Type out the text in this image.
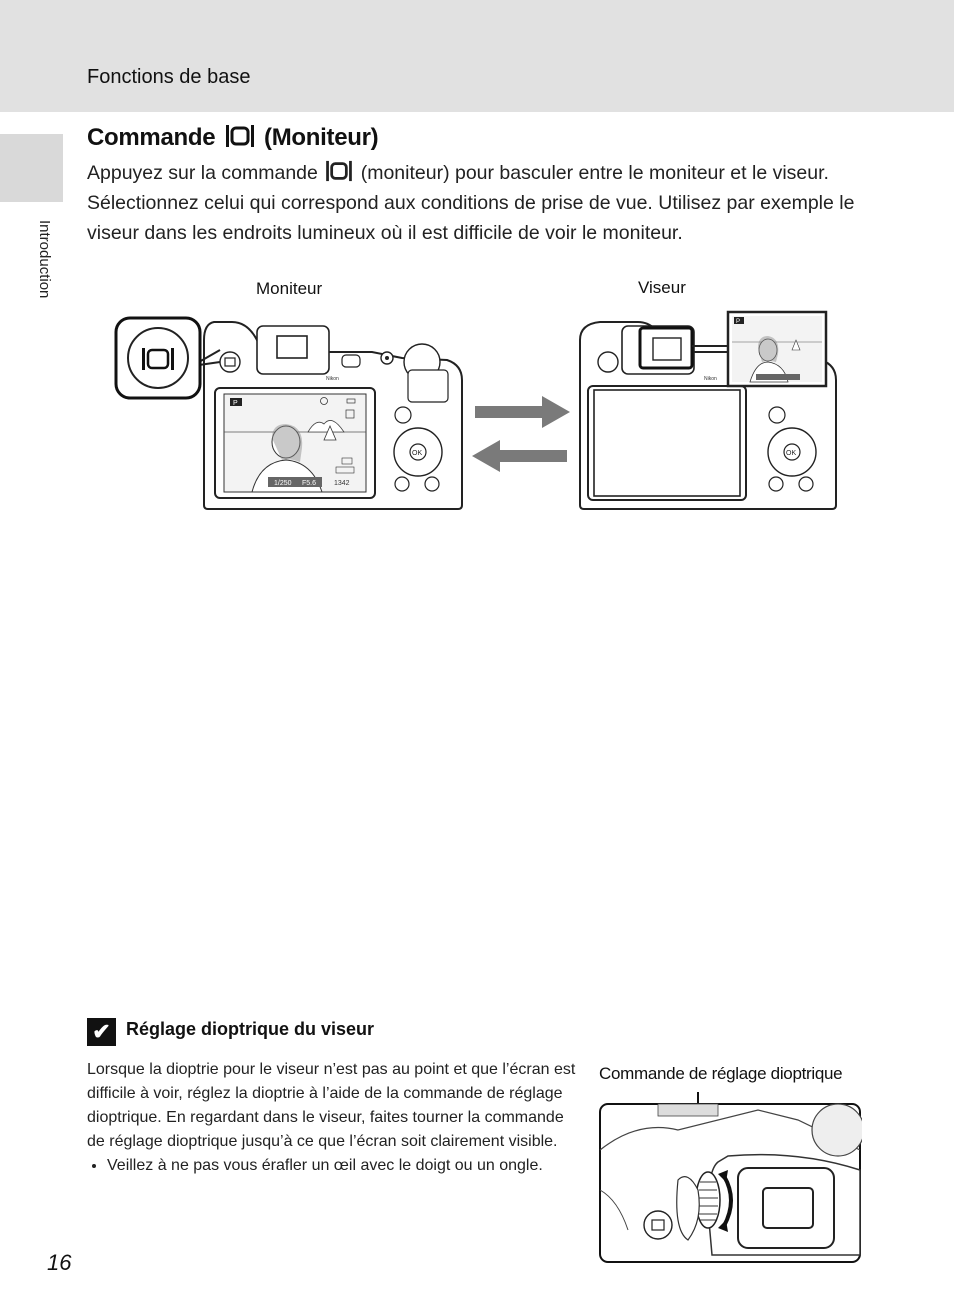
Fonctions de base
Introduction
Commande  (Moniteur)
Appuyez sur la commande  (moniteur) pour basculer entre le moniteur et le viseur. Sélectionnez celui qui correspond aux conditions de prise de vue. Utilisez par exemple le viseur dans les endroits lumineux où il est difficile de voir le moniteur.
Moniteur	Viseur
P
1/250 F5.6	1342
OK
Nikon
P
OK
Nikon
✔ Réglage dioptrique du viseur
Lorsque la dioptrie pour le viseur n’est pas au point et que l’écran est difficile à voir, réglez la dioptrie à l’aide de la commande de réglage dioptrique. En regardant dans le viseur, faites tourner la commande de réglage dioptrique jusqu’à ce que l’écran soit clairement visible.
• Veillez à ne pas vous érafler un œil avec le doigt ou un ongle.
Commande de réglage dioptrique
16
